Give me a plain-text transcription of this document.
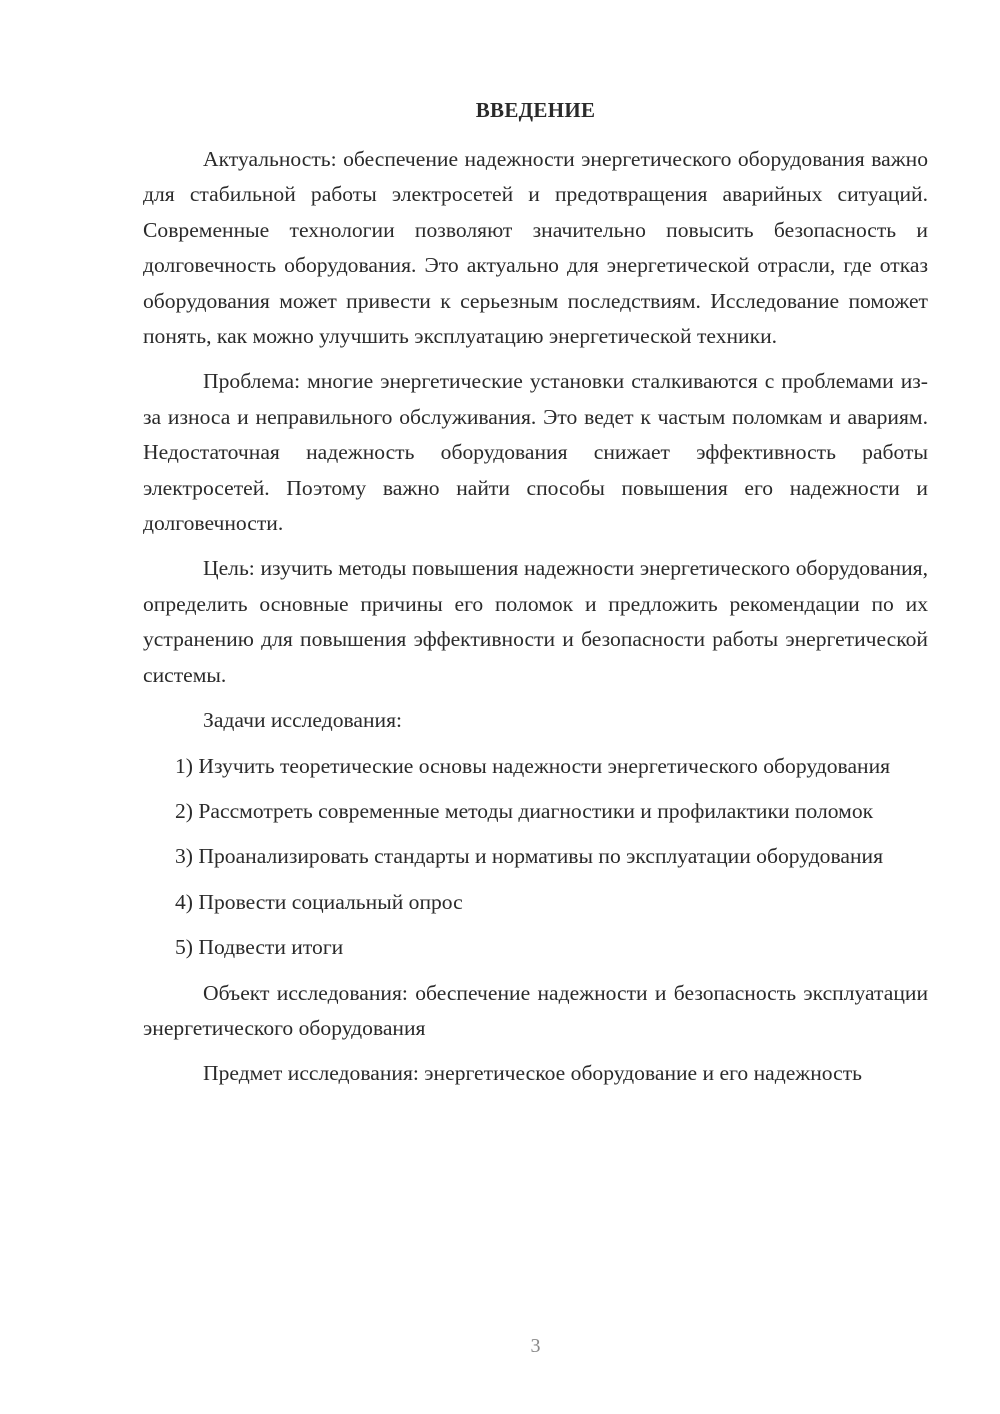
ВВЕДЕНИЕ

Актуальность: обеспечение надежности энергетического оборудования важно для стабильной работы электросетей и предотвращения аварийных ситуаций. Современные технологии позволяют значительно повысить безопасность и долговечность оборудования. Это актуально для энергетической отрасли, где отказ оборудования может привести к серьезным последствиям. Исследование поможет понять, как можно улучшить эксплуатацию энергетической техники.

Проблема: многие энергетические установки сталкиваются с проблемами из-за износа и неправильного обслуживания. Это ведет к частым поломкам и авариям. Недостаточная надежность оборудования снижает эффективность работы электросетей. Поэтому важно найти способы повышения его надежности и долговечности.

Цель: изучить методы повышения надежности энергетического оборудования, определить основные причины его поломок и предложить рекомендации по их устранению для повышения эффективности и безопасности работы энергетической системы.

Задачи исследования:

1) Изучить теоретические основы надежности энергетического оборудования

2) Рассмотреть современные методы диагностики и профилактики поломок

3) Проанализировать стандарты и нормативы по эксплуатации оборудования

4) Провести социальный опрос

5) Подвести итоги

Объект исследования: обеспечение надежности и безопасность эксплуатации энергетического оборудования

Предмет исследования: энергетическое оборудование и его надежность

3
